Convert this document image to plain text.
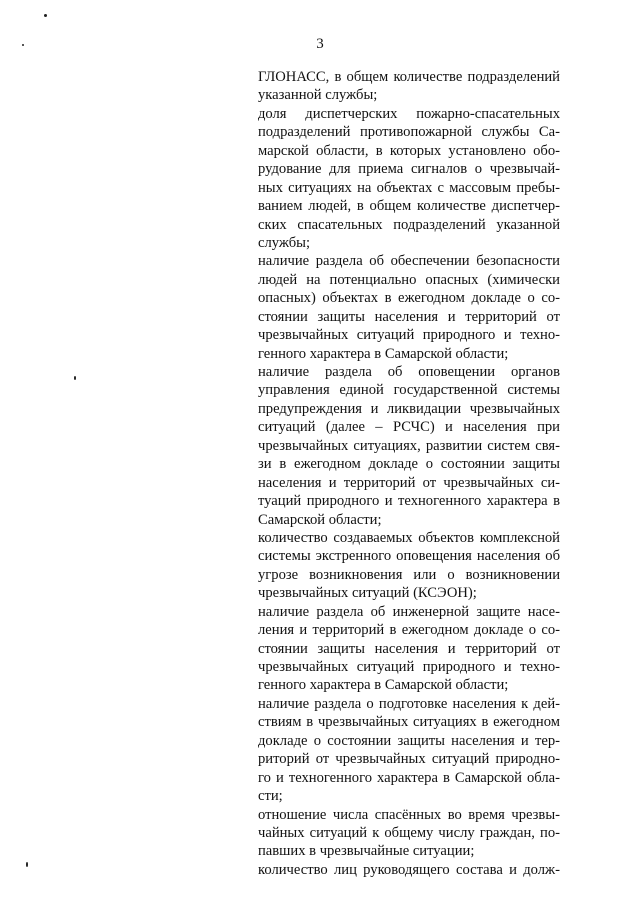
3
ГЛОНАСС, в общем количестве подразделений
указанной службы;
доля диспетчерских пожарно-спасательных
подразделений противопожарной службы Са-
марской области, в которых установлено обо-
рудование для приема сигналов о чрезвычай-
ных ситуациях на объектах с массовым пребы-
ванием людей, в общем количестве диспетчер-
ских спасательных подразделений указанной
службы;
наличие раздела об обеспечении безопасности
людей на потенциально опасных (химически
опасных) объектах в ежегодном докладе о со-
стоянии защиты населения и территорий от
чрезвычайных ситуаций природного и техно-
генного характера в Самарской области;
наличие раздела об оповещении органов
управления единой государственной системы
предупреждения и ликвидации чрезвычайных
ситуаций (далее – РСЧС) и населения при
чрезвычайных ситуациях, развитии систем свя-
зи в ежегодном докладе о состоянии защиты
населения и территорий от чрезвычайных си-
туаций природного и техногенного характера в
Самарской области;
количество создаваемых объектов комплексной
системы экстренного оповещения населения об
угрозе возникновения или о возникновении
чрезвычайных ситуаций (КСЭОН);
наличие раздела об инженерной защите насе-
ления и территорий в ежегодном докладе о со-
стоянии защиты населения и территорий от
чрезвычайных ситуаций природного и техно-
генного характера в Самарской области;
наличие раздела о подготовке населения к дей-
ствиям в чрезвычайных ситуациях в ежегодном
докладе о состоянии защиты населения и тер-
риторий от чрезвычайных ситуаций природно-
го и техногенного характера в Самарской обла-
сти;
отношение числа спасённых во время чрезвы-
чайных ситуаций к общему числу граждан, по-
павших в чрезвычайные ситуации;
количество лиц руководящего состава и долж-
